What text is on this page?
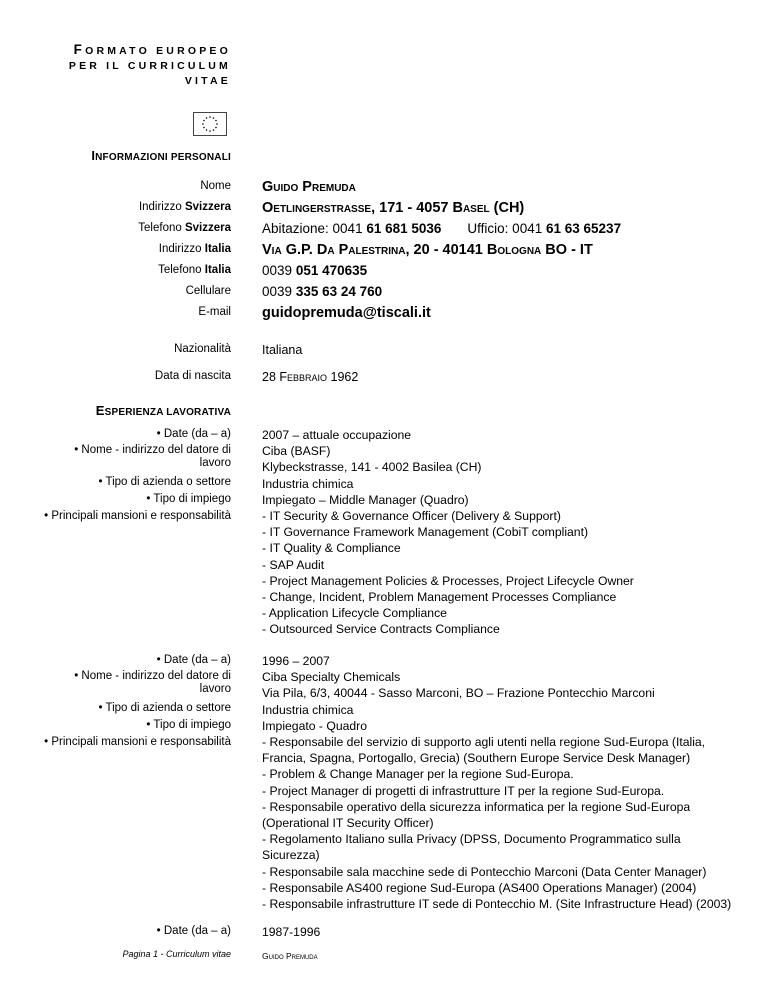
FORMATO EUROPEO
PER IL CURRICULUM
VITAE
INFORMAZIONI PERSONALI
Nome Guido Premuda
Indirizzo Svizzera Oetlingerstrasse, 171 - 4057 Basel (CH)
Telefono Svizzera Abitazione: 0041 61 681 5036 Ufficio: 0041 61 63 65237
Indirizzo Italia Via G.P. Da Palestrina, 20 - 40141 Bologna BO - IT
Telefono Italia 0039 051 470635
Cellulare 0039 335 63 24 760
E-mail guidopremuda@tiscali.it
Nazionalità Italiana
Data di nascita 28 Febbraio 1962
ESPERIENZA LAVORATIVA
• Date (da – a)
• Nome - indirizzo del datore di
lavoro
• Tipo di azienda o settore
• Tipo di impiego
• Principali mansioni e responsabilità
2007 – attuale occupazione
Ciba (BASF)
Klybeckstrasse, 141 - 4002 Basilea (CH)
Industria chimica
Impiegato – Middle Manager (Quadro)
- IT Security & Governance Officer (Delivery & Support)
- IT Governance Framework Management (CobiT compliant)
- IT Quality & Compliance
- SAP Audit
- Project Management Policies & Processes, Project Lifecycle Owner
- Change, Incident, Problem Management Processes Compliance
- Application Lifecycle Compliance
- Outsourced Service Contracts Compliance
• Date (da – a)
• Nome - indirizzo del datore di
lavoro
• Tipo di azienda o settore
• Tipo di impiego
• Principali mansioni e responsabilità
1996 – 2007
Ciba Specialty Chemicals
Via Pila, 6/3, 40044 - Sasso Marconi, BO – Frazione Pontecchio Marconi
Industria chimica
Impiegato - Quadro
- Responsabile del servizio di supporto agli utenti nella regione Sud-Europa (Italia,
Francia, Spagna, Portogallo, Grecia) (Southern Europe Service Desk Manager)
- Problem & Change Manager per la regione Sud-Europa.
- Project Manager di progetti di infrastrutture IT per la regione Sud-Europa.
- Responsabile operativo della sicurezza informatica per la regione Sud-Europa
(Operational IT Security Officer)
- Regolamento Italiano sulla Privacy (DPSS, Documento Programmatico sulla
Sicurezza)
- Responsabile sala macchine sede di Pontecchio Marconi (Data Center Manager)
- Responsabile AS400 regione Sud-Europa (AS400 Operations Manager) (2004)
- Responsabile infrastrutture IT sede di Pontecchio M. (Site Infrastructure Head) (2003)
• Date (da – a)	1987-1996
Pagina 1 - Curriculum vitae	Guido Premuda
